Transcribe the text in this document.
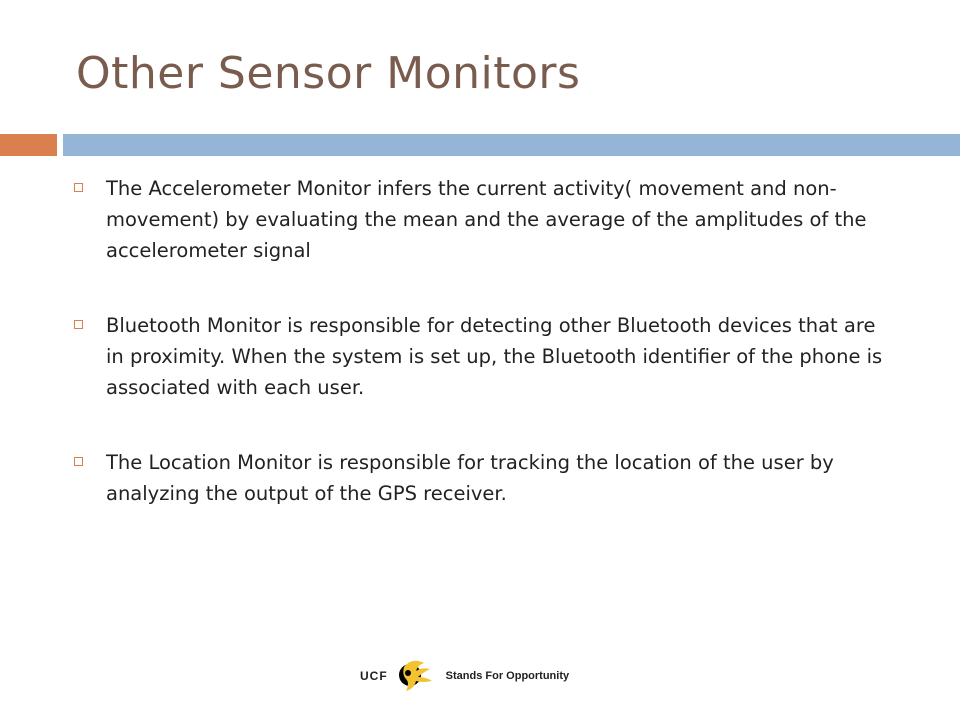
Other Sensor Monitors
The Accelerometer Monitor infers the current activity( movement and non-movement) by evaluating the mean and the average of the amplitudes of the accelerometer signal
Bluetooth Monitor is responsible for detecting other Bluetooth devices that are in proximity. When the system is set up, the Bluetooth identifier of the phone is associated with each user.
The Location Monitor is responsible for tracking the location of the user by analyzing the output of the GPS receiver.
UCF	Stands For Opportunity
